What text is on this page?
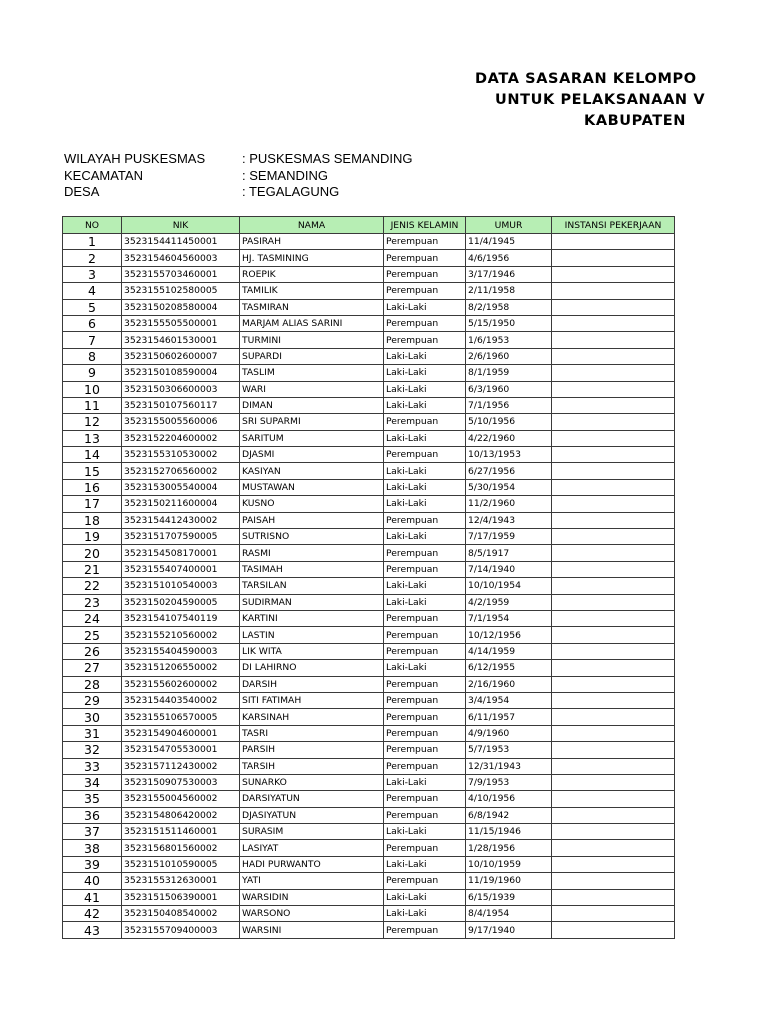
DATA SASARAN KELOMPO
UNTUK PELAKSANAAN V
KABUPATEN
WILAYAH PUSKESMAS	: PUSKESMAS SEMANDING
KECAMATAN	: SEMANDING
DESA	: TEGALAGUNG
NO	NIK	NAMA	JENIS KELAMIN	UMUR	INSTANSI PEKERJAAN
1	3523154411450001	PASIRAH	Perempuan	11/4/1945	
2	3523154604560003	HJ. TASMINING	Perempuan	4/6/1956	
3	3523155703460001	ROEPIK	Perempuan	3/17/1946	
4	3523155102580005	TAMILIK	Perempuan	2/11/1958	
5	3523150208580004	TASMIRAN	Laki-Laki	8/2/1958	
6	3523155505500001	MARJAM ALIAS SARINI	Perempuan	5/15/1950	
7	3523154601530001	TURMINI	Perempuan	1/6/1953	
8	3523150602600007	SUPARDI	Laki-Laki	2/6/1960	
9	3523150108590004	TASLIM	Laki-Laki	8/1/1959	
10	3523150306600003	WARI	Laki-Laki	6/3/1960	
11	3523150107560117	DIMAN	Laki-Laki	7/1/1956	
12	3523155005560006	SRI SUPARMI	Perempuan	5/10/1956	
13	3523152204600002	SARITUM	Laki-Laki	4/22/1960	
14	3523155310530002	DJASMI	Perempuan	10/13/1953	
15	3523152706560002	KASIYAN	Laki-Laki	6/27/1956	
16	3523153005540004	MUSTAWAN	Laki-Laki	5/30/1954	
17	3523150211600004	KUSNO	Laki-Laki	11/2/1960	
18	3523154412430002	PAISAH	Perempuan	12/4/1943	
19	3523151707590005	SUTRISNO	Laki-Laki	7/17/1959	
20	3523154508170001	RASMI	Perempuan	8/5/1917	
21	3523155407400001	TASIMAH	Perempuan	7/14/1940	
22	3523151010540003	TARSILAN	Laki-Laki	10/10/1954	
23	3523150204590005	SUDIRMAN	Laki-Laki	4/2/1959	
24	3523154107540119	KARTINI	Perempuan	7/1/1954	
25	3523155210560002	LASTIN	Perempuan	10/12/1956	
26	3523155404590003	LIK WITA	Perempuan	4/14/1959	
27	3523151206550002	DI LAHIRNO	Laki-Laki	6/12/1955	
28	3523155602600002	DARSIH	Perempuan	2/16/1960	
29	3523154403540002	SITI FATIMAH	Perempuan	3/4/1954	
30	3523155106570005	KARSINAH	Perempuan	6/11/1957	
31	3523154904600001	TASRI	Perempuan	4/9/1960	
32	3523154705530001	PARSIH	Perempuan	5/7/1953	
33	3523157112430002	TARSIH	Perempuan	12/31/1943	
34	3523150907530003	SUNARKO	Laki-Laki	7/9/1953	
35	3523155004560002	DARSIYATUN	Perempuan	4/10/1956	
36	3523154806420002	DJASIYATUN	Perempuan	6/8/1942	
37	3523151511460001	SURASIM	Laki-Laki	11/15/1946	
38	3523156801560002	LASIYAT	Perempuan	1/28/1956	
39	3523151010590005	HADI PURWANTO	Laki-Laki	10/10/1959	
40	3523155312630001	YATI	Perempuan	11/19/1960	
41	3523151506390001	WARSIDIN	Laki-Laki	6/15/1939	
42	3523150408540002	WARSONO	Laki-Laki	8/4/1954	
43	3523155709400003	WARSINI	Perempuan	9/17/1940	
